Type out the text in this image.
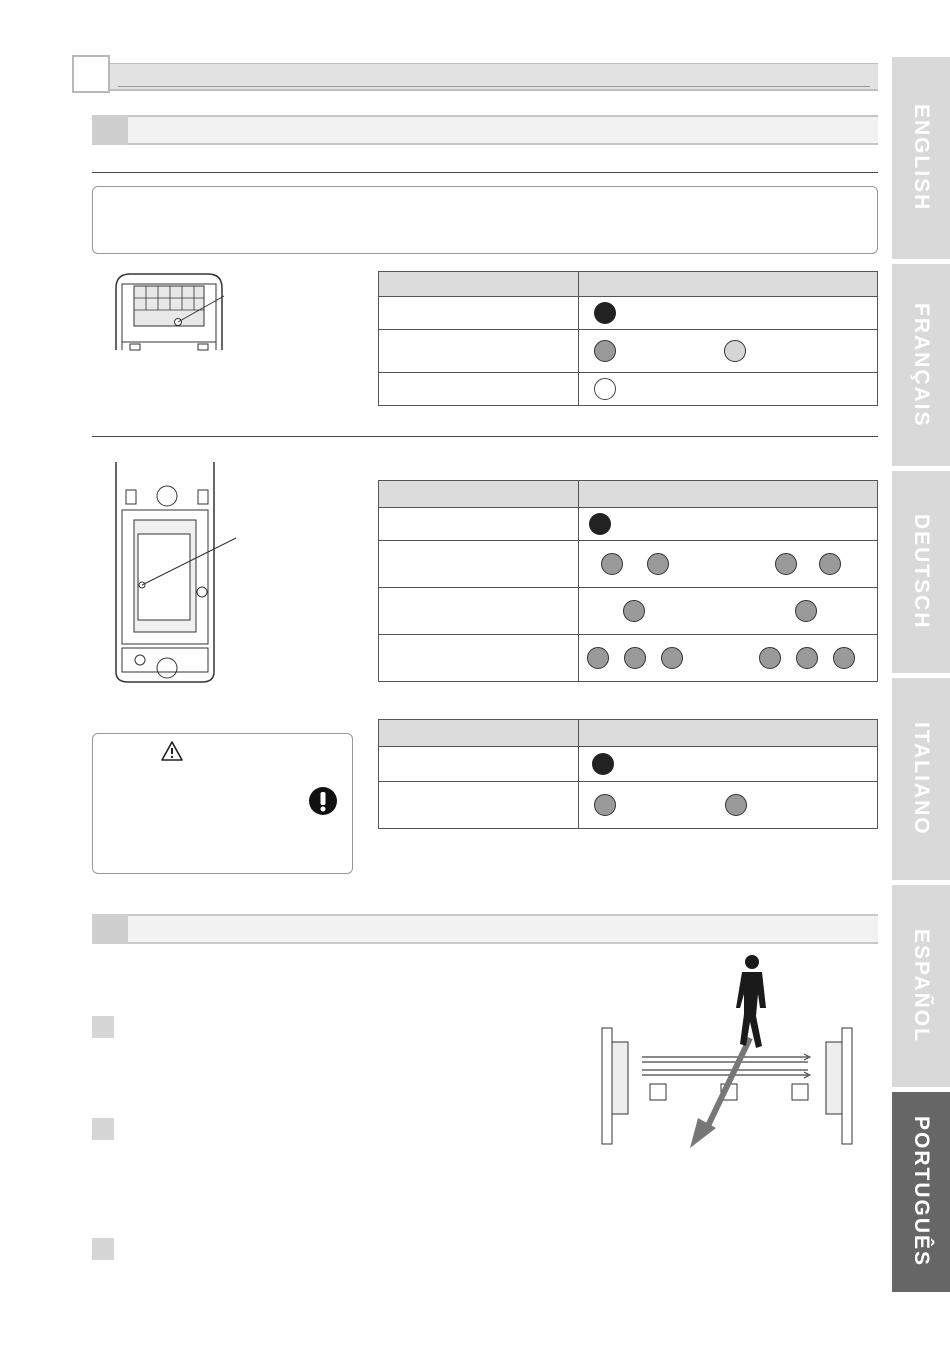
ENGLISH
FRANÇAIS
DEUTSCH
ITALIANO
ESPAÑOL
PORTUGUÊS
